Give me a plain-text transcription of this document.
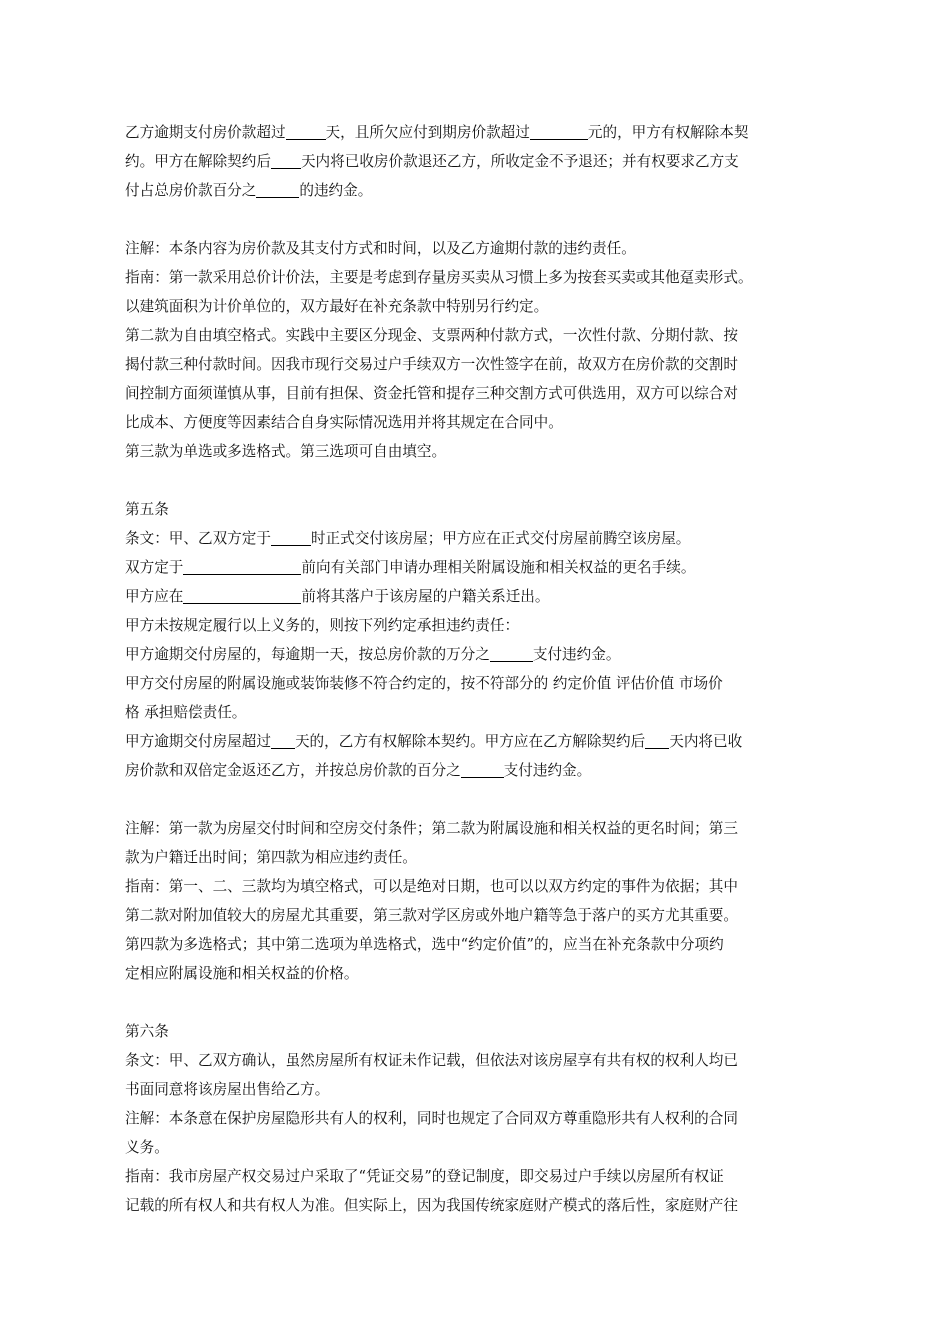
乙方逾期支付房价款超过	天，且所欠应付到期房价款超过	元的，甲方有权解除本契
约。甲方在解除契约后 天内将已收房价款退还乙方，所收定金不予退还；并有权要求乙方支
付占总房价款百分之	的违约金。
注解：本条内容为房价款及其支付方式和时间，以及乙方逾期付款的违约责任。
指南：第一款采用总价计价法，主要是考虑到存量房买卖从习惯上多为按套买卖或其他趸卖形式。
以建筑面积为计价单位的，双方最好在补充条款中特别另行约定。
第二款为自由填空格式。实践中主要区分现金、支票两种付款方式，一次性付款、分期付款、按
揭付款三种付款时间。因我市现行交易过户手续双方一次性签字在前，故双方在房价款的交割时
间控制方面须谨慎从事，目前有担保、资金托管和提存三种交割方式可供选用，双方可以综合对
比成本、方便度等因素结合自身实际情况选用并将其规定在合同中。
第三款为单选或多选格式。第三选项可自由填空。
第五条
条文：甲、乙双方定于	时正式交付该房屋；甲方应在正式交付房屋前腾空该房屋。
双方定于	前向有关部门申请办理相关附属设施和相关权益的更名手续。
甲方应在	前将其落户于该房屋的户籍关系迁出。
甲方未按规定履行以上义务的，则按下列约定承担违约责任：
甲方逾期交付房屋的，每逾期一天，按总房价款的万分之	支付违约金。
甲方交付房屋的附属设施或装饰装修不符合约定的，按不符部分的 约定价值 评估价值 市场价
格 承担赔偿责任。
甲方逾期交付房屋超过 天的，乙方有权解除本契约。甲方应在乙方解除契约后 天内将已收
房价款和双倍定金返还乙方，并按总房价款的百分之	支付违约金。
注解：第一款为房屋交付时间和空房交付条件；第二款为附属设施和相关权益的更名时间；第三
款为户籍迁出时间；第四款为相应违约责任。
指南：第一、二、三款均为填空格式，可以是绝对日期，也可以以双方约定的事件为依据；其中
第二款对附加值较大的房屋尤其重要，第三款对学区房或外地户籍等急于落户的买方尤其重要。
第四款为多选格式；其中第二选项为单选格式，选中“约定价值”的，应当在补充条款中分项约
定相应附属设施和相关权益的价格。
第六条
条文：甲、乙双方确认，虽然房屋所有权证未作记载，但依法对该房屋享有共有权的权利人均已
书面同意将该房屋出售给乙方。
注解：本条意在保护房屋隐形共有人的权利，同时也规定了合同双方尊重隐形共有人权利的合同
义务。
指南：我市房屋产权交易过户采取了“凭证交易”的登记制度，即交易过户手续以房屋所有权证
记载的所有权人和共有权人为准。但实际上，因为我国传统家庭财产模式的落后性，家庭财产往
